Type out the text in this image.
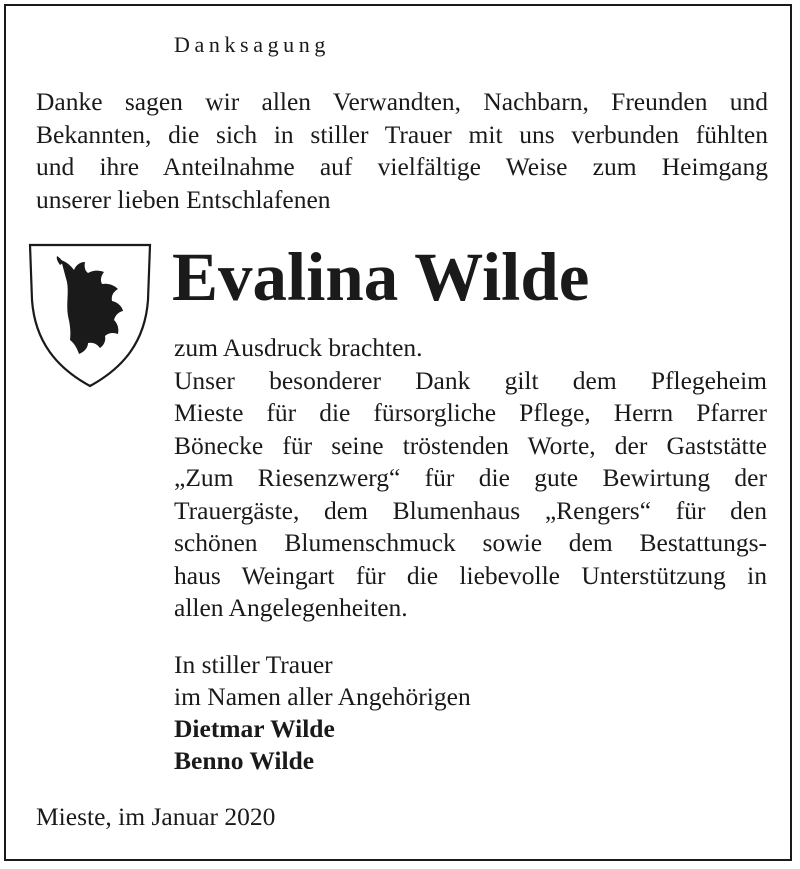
Danksagung
Danke sagen wir allen Verwandten, Nachbarn, Freunden und
Bekannten, die sich in stiller Trauer mit uns verbunden fühlten
und ihre Anteilnahme auf vielfältige Weise zum Heimgang
unserer lieben Entschlafenen
Evalina Wilde
zum Ausdruck brachten.
Unser besonderer Dank gilt dem Pflegeheim
Mieste für die fürsorgliche Pflege, Herrn Pfarrer
Bönecke für seine tröstenden Worte, der Gaststätte
„Zum Riesenzwerg“ für die gute Bewirtung der
Trauergäste, dem Blumenhaus „Rengers“ für den
schönen Blumenschmuck sowie dem Bestattungs-
haus Weingart für die liebevolle Unterstützung in
allen Angelegenheiten.
In stiller Trauer
im Namen aller Angehörigen
Dietmar Wilde
Benno Wilde
Mieste, im Januar 2020
